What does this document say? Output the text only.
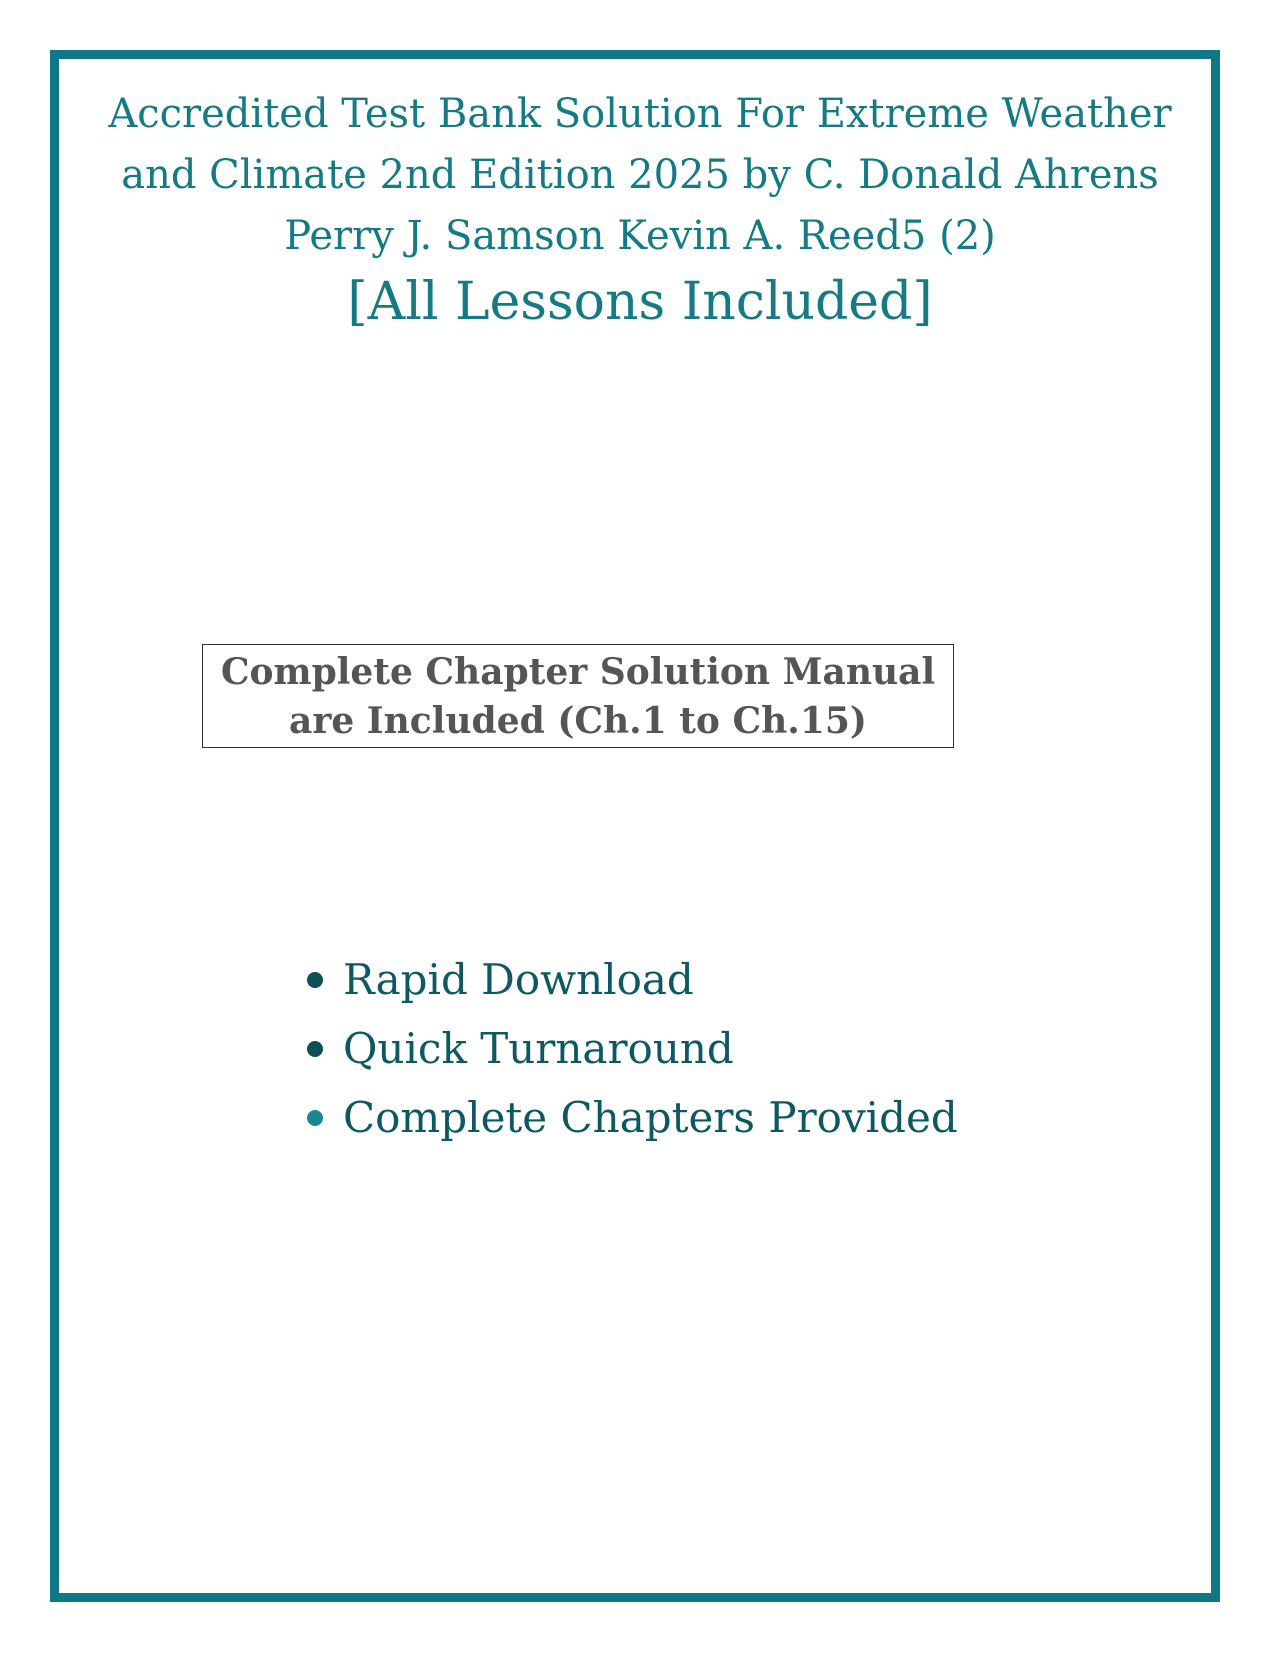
Accredited Test Bank Solution For Extreme Weather

and Climate 2nd Edition 2025 by C. Donald Ahrens

Perry J. Samson Kevin A. Reed5 (2)

[All Lessons Included]

Complete Chapter Solution Manual
are Included (Ch.1 to Ch.15)
Rapid Download
Quick Turnaround
Complete Chapters Provided
